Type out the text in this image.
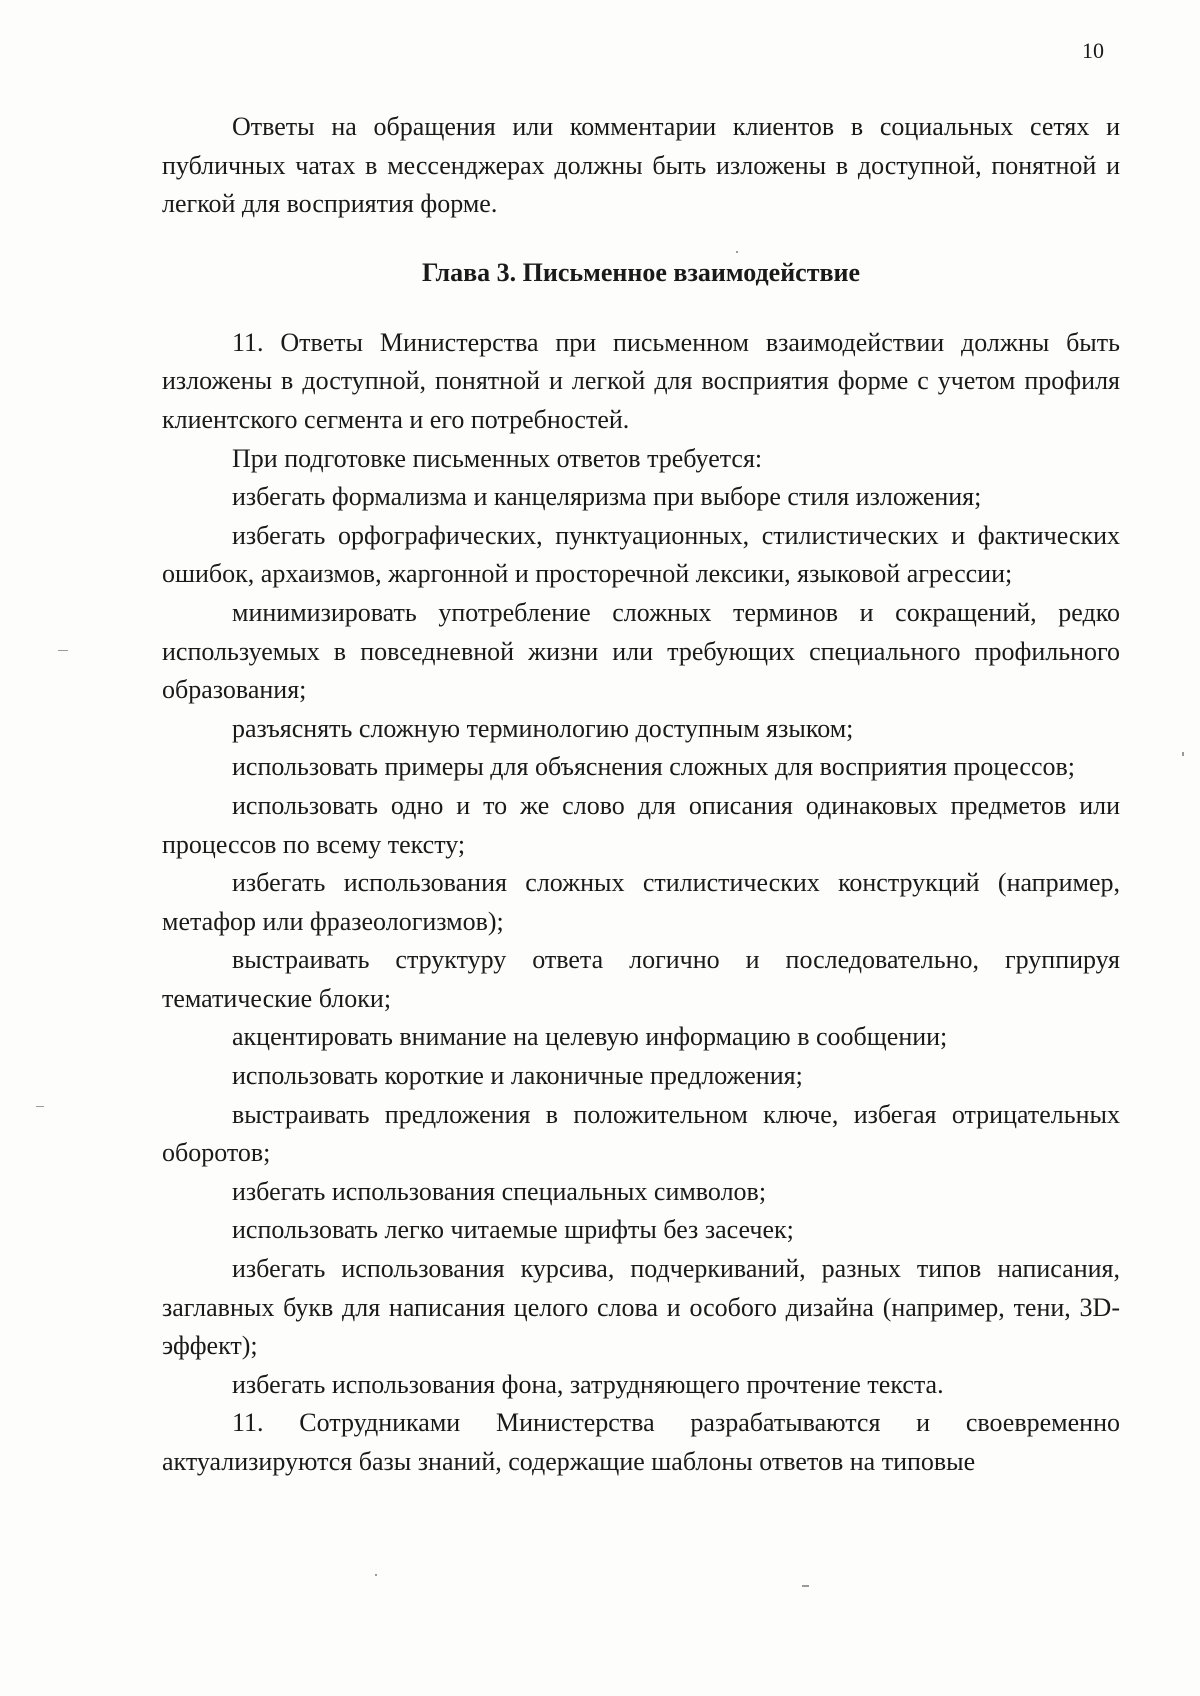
10

Ответы на обращения или комментарии клиентов в социальных сетях и публичных чатах в мессенджерах должны быть изложены в доступной, понятной и легкой для восприятия форме.

Глава 3. Письменное взаимодействие

11. Ответы Министерства при письменном взаимодействии должны быть изложены в доступной, понятной и легкой для восприятия форме с учетом профиля клиентского сегмента и его потребностей.

При подготовке письменных ответов требуется:

избегать формализма и канцеляризма при выборе стиля изложения;

избегать орфографических, пунктуационных, стилистических и фактических ошибок, архаизмов, жаргонной и просторечной лексики, языковой агрессии;

минимизировать употребление сложных терминов и сокращений, редко используемых в повседневной жизни или требующих специального профильного образования;

разъяснять сложную терминологию доступным языком;

использовать примеры для объяснения сложных для восприятия процессов;

использовать одно и то же слово для описания одинаковых предметов или процессов по всему тексту;

избегать использования сложных стилистических конструкций (например, метафор или фразеологизмов);

выстраивать структуру ответа логично и последовательно, группируя тематические блоки;

акцентировать внимание на целевую информацию в сообщении;

использовать короткие и лаконичные предложения;

выстраивать предложения в положительном ключе, избегая отрицательных оборотов;

избегать использования специальных символов;

использовать легко читаемые шрифты без засечек;

избегать использования курсива, подчеркиваний, разных типов написания, заглавных букв для написания целого слова и особого дизайна (например, тени, 3D-эффект);

избегать использования фона, затрудняющего прочтение текста.

11. Сотрудниками Министерства разрабатываются и своевременно актуализируются базы знаний, содержащие шаблоны ответов на типовые
